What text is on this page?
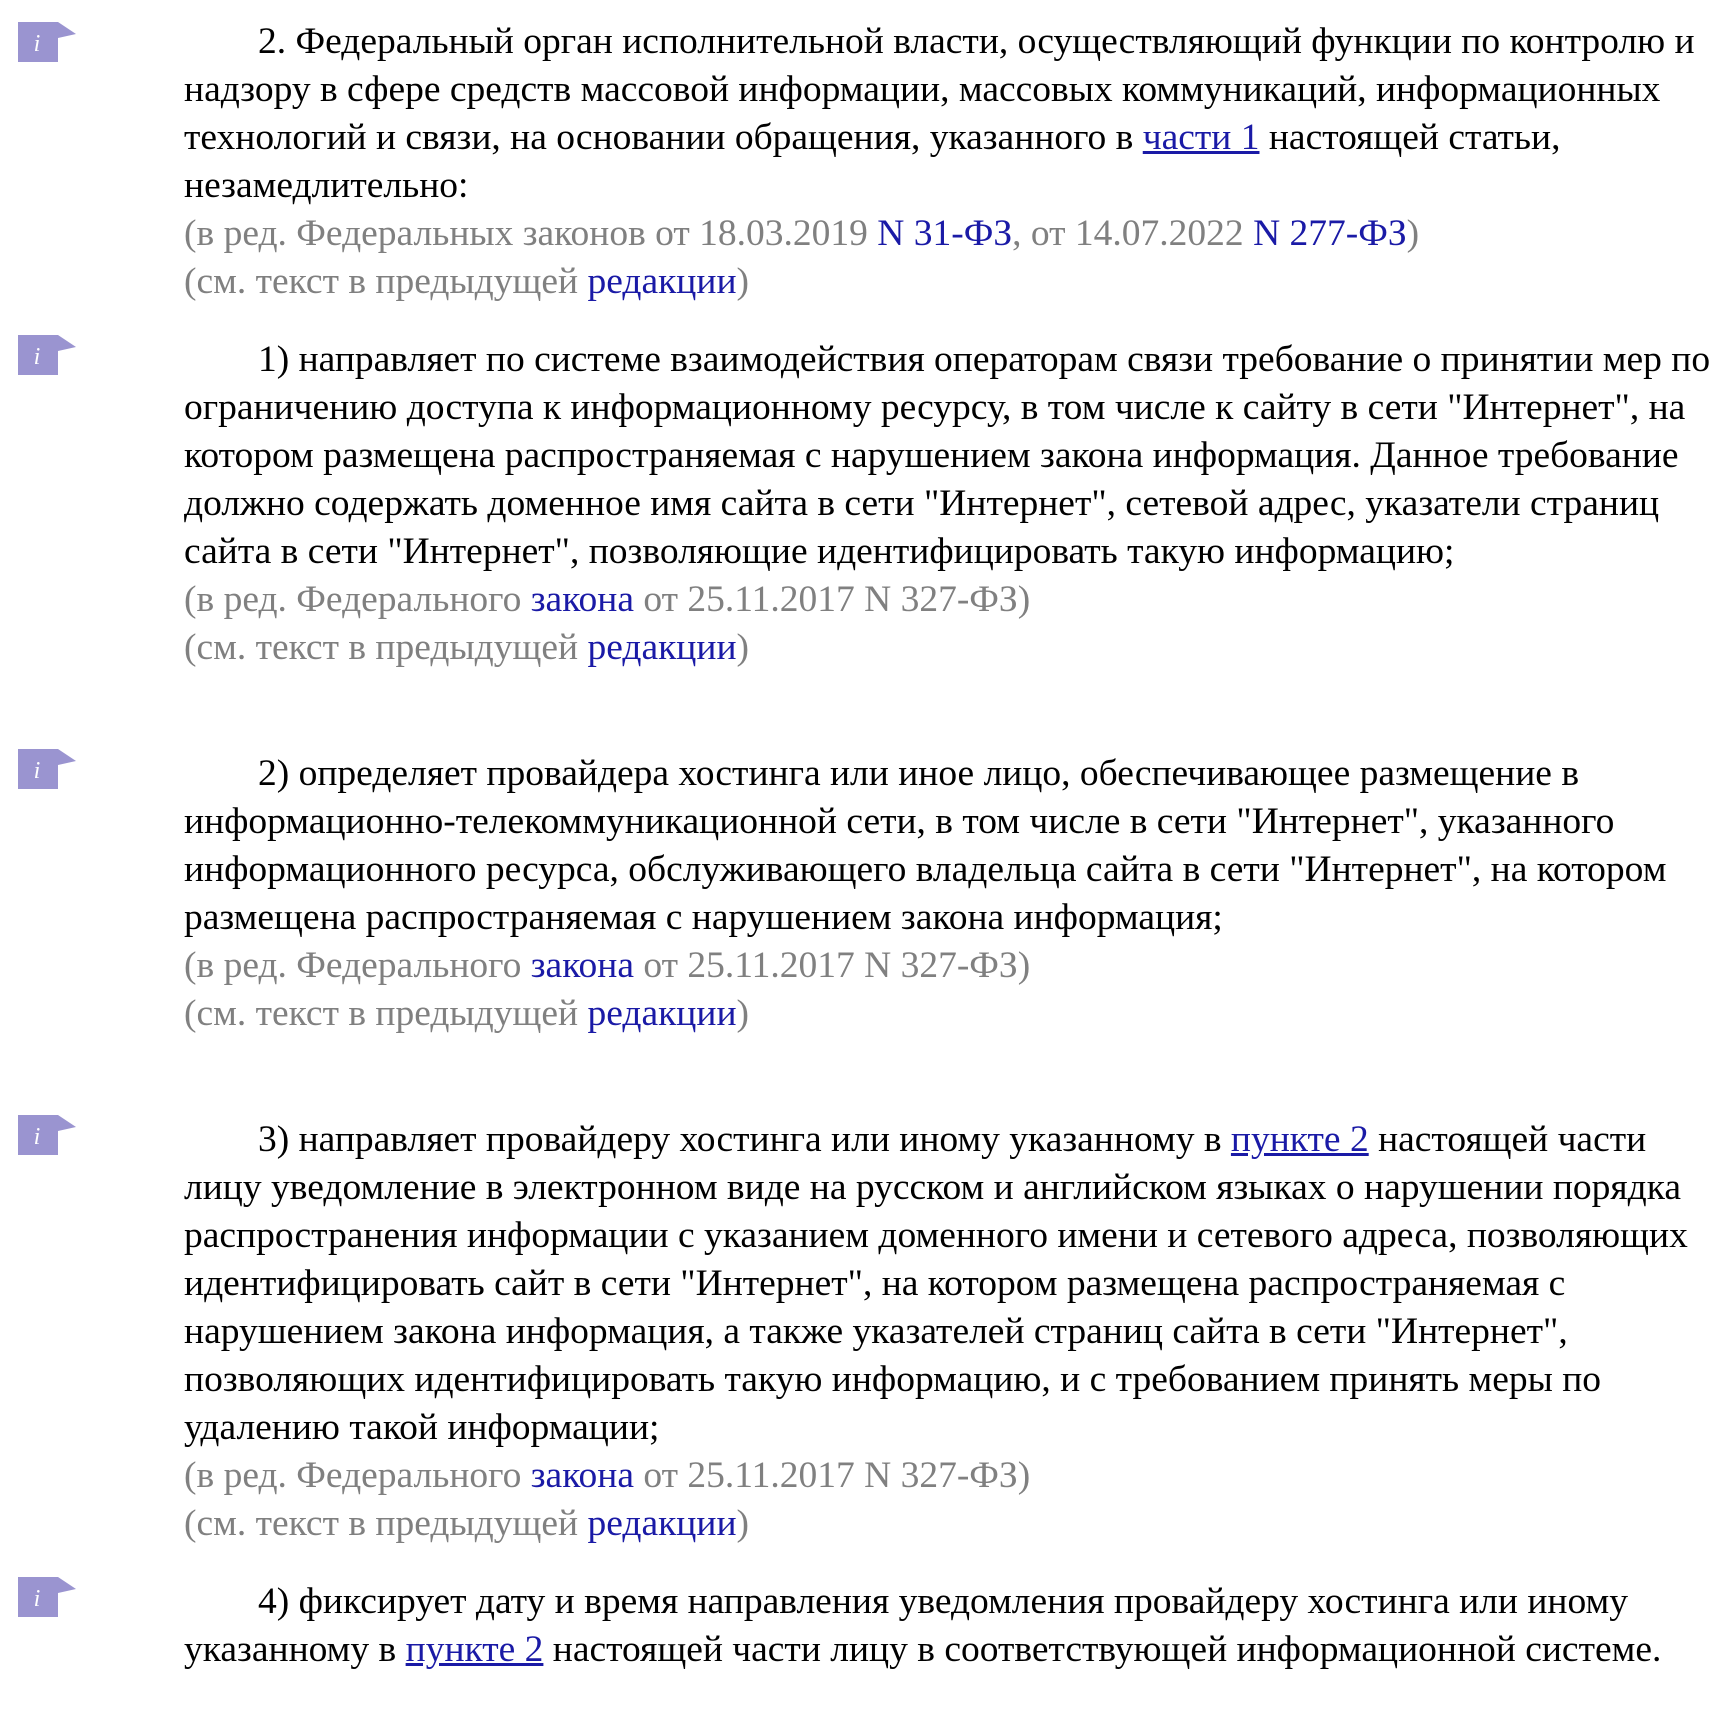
i	2. Федеральный орган исполнительной власти, осуществляющий функции по контролю и надзору в сфере средств массовой информации, массовых коммуникаций, информационных технологий и связи, на основании обращения, указанного в части 1 настоящей статьи, незамедлительно:

(в ред. Федеральных законов от 18.03.2019 N 31-ФЗ, от 14.07.2022 N 277-ФЗ)
(см. текст в предыдущей редакции)
i	1) направляет по системе взаимодействия операторам связи требование о принятии мер по ограничению доступа к информационному ресурсу, в том числе к сайту в сети "Интернет", на котором размещена распространяемая с нарушением закона информация. Данное требование должно содержать доменное имя сайта в сети "Интернет", сетевой адрес, указатели страниц сайта в сети "Интернет", позволяющие идентифицировать такую информацию;

(в ред. Федерального закона от 25.11.2017 N 327-ФЗ)
(см. текст в предыдущей редакции)
i	2) определяет провайдера хостинга или иное лицо, обеспечивающее размещение в информационно-телекоммуникационной сети, в том числе в сети "Интернет", указанного информационного ресурса, обслуживающего владельца сайта в сети "Интернет", на котором размещена распространяемая с нарушением закона информация;

(в ред. Федерального закона от 25.11.2017 N 327-ФЗ)
(см. текст в предыдущей редакции)
i	3) направляет провайдеру хостинга или иному указанному в пункте 2 настоящей части лицу уведомление в электронном виде на русском и английском языках о нарушении порядка распространения информации с указанием доменного имени и сетевого адреса, позволяющих идентифицировать сайт в сети "Интернет", на котором размещена распространяемая с нарушением закона информация, а также указателей страниц сайта в сети "Интернет", позволяющих идентифицировать такую информацию, и с требованием принять меры по удалению такой информации;

(в ред. Федерального закона от 25.11.2017 N 327-ФЗ)
(см. текст в предыдущей редакции)
i	4) фиксирует дату и время направления уведомления провайдеру хостинга или иному указанному в пункте 2 настоящей части лицу в соответствующей информационной системе.
